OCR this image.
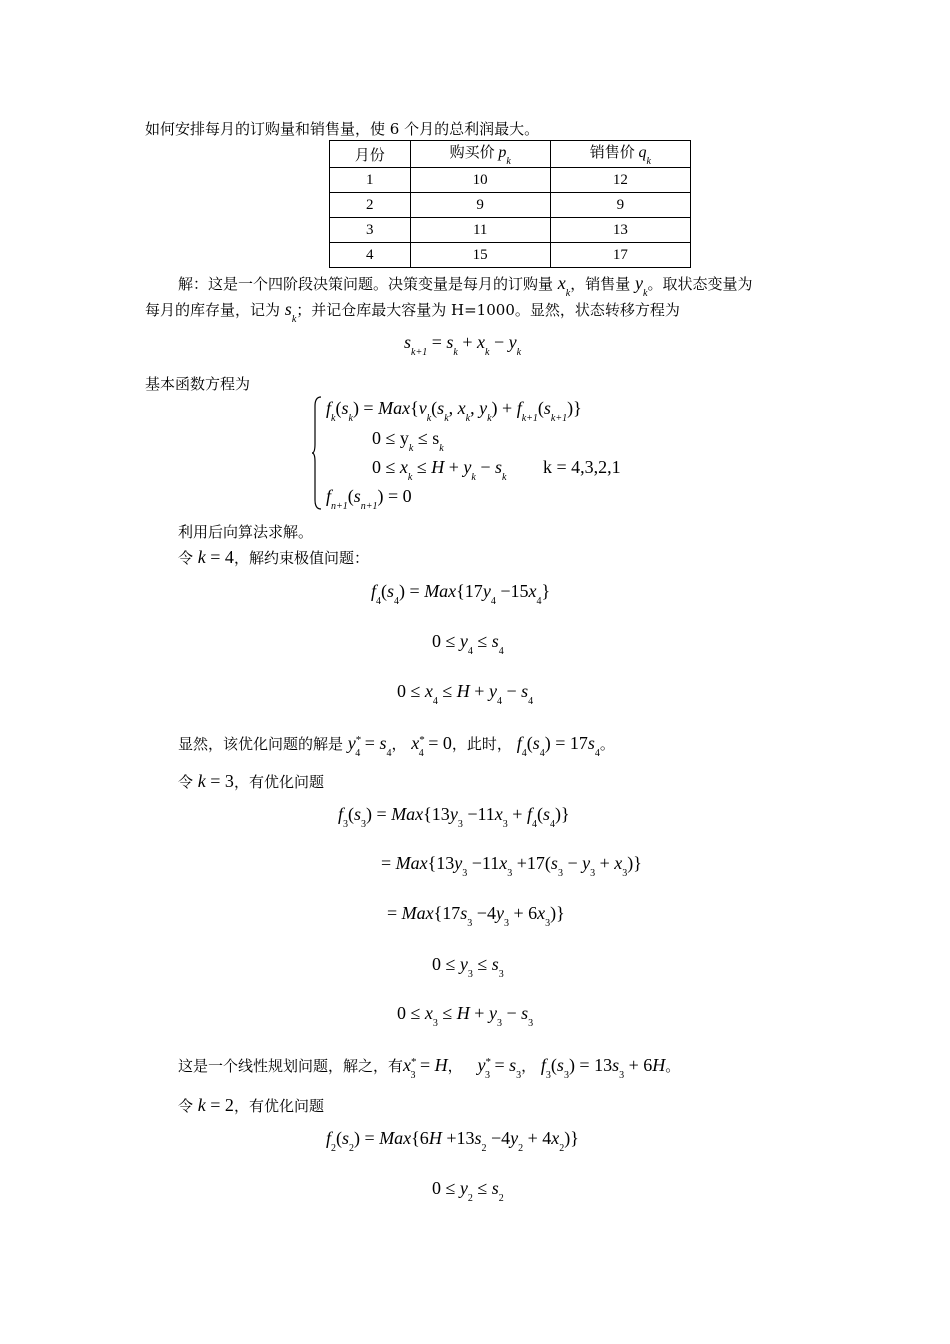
如何安排每月的订购量和销售量，使 6 个月的总利润最大。
月份	购买价 $p_k$	销售价 $q_k$
1	10	12
2	9	9
3	11	13
4	15	17
解：这是一个四阶段决策问题。决策变量是每月的订购量 $x_k$，销售量 $y_k$。取状态变量为
每月的库存量，记为 $s_k$；并记仓库最大容量为 H=1000。显然，状态转移方程为
$s_{k+1} = s_k + x_k - y_k$
基本函数方程为
$f_k(s_k) = Max\{v_k(s_k$, $x_k$, $y_k) + f_{k+1}(s_{k+1})$}
$0 \le y_k \le s_k$
$0 \le x_k \le H + y_k - s_k$
k = 4,3,2,1
$f_{n+1}(s_{n+1}) = 0$
利用后向算法求解。
令 k = 4，解约束极值问题：
$f_4(s_4) = Max\{17y_4 -15x_4\}$
$0 \le y_4 \le s_4$
$0 \le x_4 \le H + y_4 - s_4$
显然，该优化问题的解是 $y^*_4 = s_4$， $x^*_4 = 0$，此时， $f_4(s_4) = 17s_4$。
令 k = 3，有优化问题
$f_3(s_3) = Max\{13y_3 -11x_3 + f_4(s_4)\}$
= $Max\{13y_3 -11x_3 +17(s_3 - y_3 + x_3)\}$
= $Max\{17s_3 -4y_3 + 6x_3)$}
$0 \le y_3 \le s_3$
$0 \le x_3 \le H + y_3 - s_3$
这是一个线性规划问题，解之，有$x^*_3 = H$， $y^*_3 = s_3$， $f_3(s_3) = 13s_3 + 6H$。
令 k = 2，有优化问题
$f_2(s_2) = Max\{6H +13s_2 -4y_2 + 4x_2)$}
$0 \le y_2 \le s_2$
